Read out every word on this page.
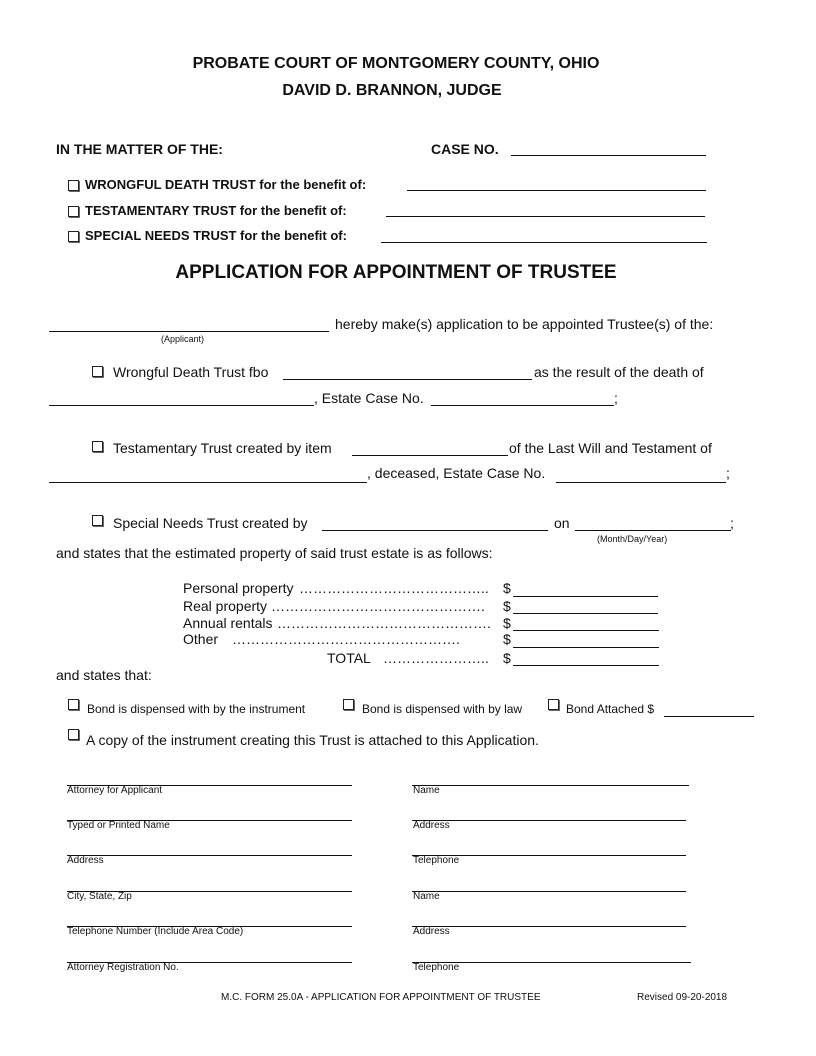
PROBATE COURT OF MONTGOMERY COUNTY, OHIO
DAVID D. BRANNON, JUDGE
IN THE MATTER OF THE:	CASE NO.
WRONGFUL DEATH TRUST for the benefit of:
TESTAMENTARY TRUST for the benefit of:
SPECIAL NEEDS TRUST for the benefit of:
APPLICATION FOR APPOINTMENT OF TRUSTEE
(Applicant)
hereby make(s) application to be appointed Trustee(s) of the:
Wrongful Death Trust fbo	as the result of the death of
, Estate Case No.	;
Testamentary Trust created by item	of the Last Will and Testament of
, deceased, Estate Case No.	;
Special Needs Trust created by	on	;
(Month/Day/Year)
and states that the estimated property of said trust estate is as follows:
Personal property ………………………………….. $
Real property ………………………………………. $
Annual rentals ………………………………………. $
Other ………………………………………….	$
TOTAL ………………….. $
and states that:
Bond is dispensed with by the instrument	Bond is dispensed with by law	Bond Attached $
A copy of the instrument creating this Trust is attached to this Application.
Attorney for Applicant
Typed or Printed Name
Address
City, State, Zip
Telephone Number (Include Area Code)
Attorney Registration No.
Name
Address
Telephone
Name
Address
Telephone
M.C. FORM 25.0A - APPLICATION FOR APPOINTMENT OF TRUSTEE	Revised 09-20-2018
